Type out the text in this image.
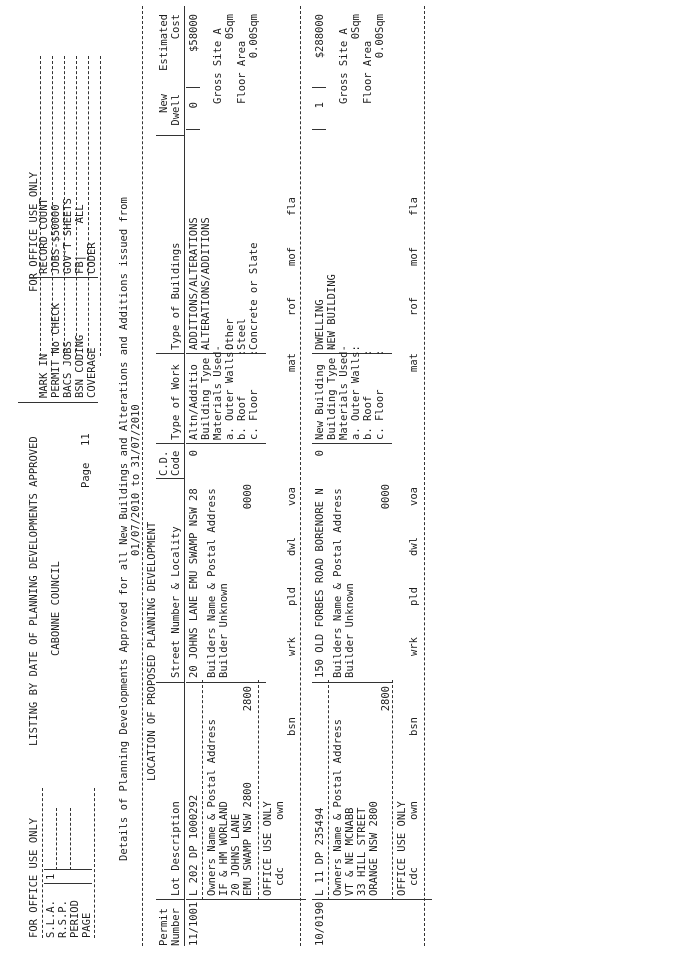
FOR OFFICE USE ONLY S.L.A.
1
R.S.P. PERIOD PAGE
LISTING BY DATE OF PLANNING DEVELOPMENTS APPROVED CABONNE COUNCIL
Page
11
FOR OFFICE USE ONLY
MARK IN PERMIT No CHECK BACS JOBS BSN CODING COVERAGE
RECORD COUNT JOBS-$50000 GOV'T SHEETS FB|     ALL CODER Details of Planning Developments Approved for all New Buildings and Alterations and Additions issued from 01/07/2010 to 31/07/2010
LOCATION OF PROPOSED PLANNING DEVELOPMENT
Permit Number
Lot Description
Street Number & Locality
C.D. Code
Type of Work
Type of Buildings
New Dwell
Estimated Cost
11/1001
L 202 DP 1000292
20 JOHNS LANE EMU SWAMP NSW 28
0
Altn/Additio
ADDITIONS/ALTERATIONS ALTERATIONS/ADDITIONS
0
$58000
Owners Name & Postal Address IF & HM WORLAND 20 JOHNS LANE EMU SWAMP NSW 2800
2800
Builders Name & Postal Address Builder Unknown
0000
Building Type - Materials Used- a. Outer Walls: b. Roof
:
c. Floor
:
Other Steel Concrete or Slate
Gross Site A
0Sqm
Floor Area
0.00Sqm
OFFICE USE ONLY cdc
own
bsn
wrk
pld
dwl
voa
mat
rof
mof
fla
10/0190
L 11 DP 235494
150 OLD FORBES ROAD BORENORE N
0
New Building
DWELLING NEW BUILDING
1
$288000
Owners Name & Postal Address VT & NE MCNABB 33 HILL STREET ORANGE NSW 2800
2800
Builders Name & Postal Address Builder Unknown
0000
Building Type - Materials Used- a. Outer Walls: b. Roof
:
c. Floor
:
Gross Site A
0Sqm
Floor Area
0.00Sqm
OFFICE USE ONLY cdc
own
bsn
wrk
pld
dwl
voa
mat
rof
mof
fla
